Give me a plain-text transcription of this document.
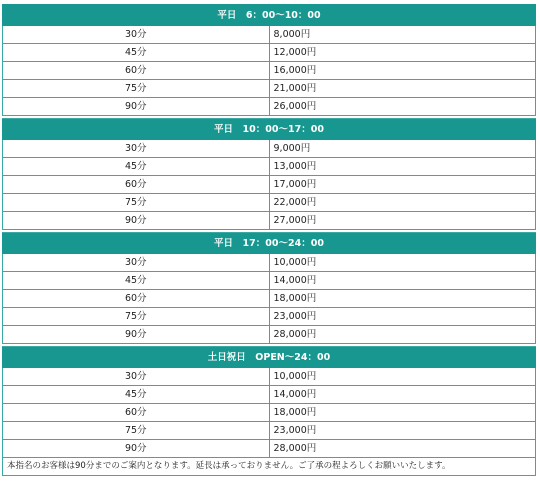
平日　6：00〜10：00	
30分	8,000円
45分	12,000円
60分	16,000円
75分	21,000円
90分	26,000円

平日　10：00〜17：00	
30分	9,000円
45分	13,000円
60分	17,000円
75分	22,000円
90分	27,000円

平日　17：00〜24：00	
30分	10,000円
45分	14,000円
60分	18,000円
75分	23,000円
90分	28,000円

土日祝日　OPEN〜24：00	
30分	10,000円
45分	14,000円
60分	18,000円
75分	23,000円
90分	28,000円
本指名のお客様は90分までのご案内となります。延長は承っておりません。ご了承の程よろしくお願いいたします。	
